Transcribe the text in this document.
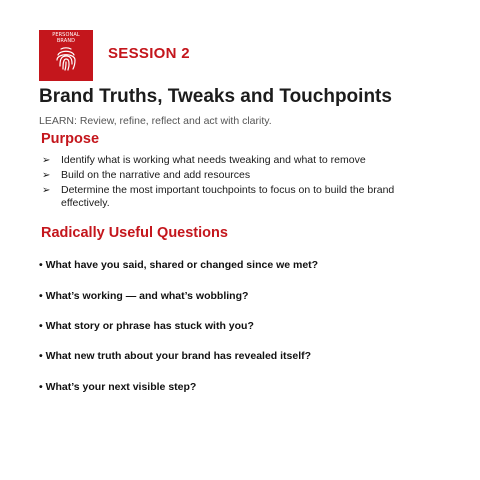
PERSONAL
BRAND
SESSION 2
Brand Truths, Tweaks and Touchpoints
LEARN: Review, refine, reflect and act with clarity.
Purpose
➢	Identify what is working what needs tweaking and what to remove
➢	Build on the narrative and add resources
➢	Determine the most important touchpoints to focus on to build the brand effectively.
Radically Useful Questions
• What have you said, shared or changed since we met?
• What’s working — and what’s wobbling?
• What story or phrase has stuck with you?
• What new truth about your brand has revealed itself?
• What’s your next visible step?
